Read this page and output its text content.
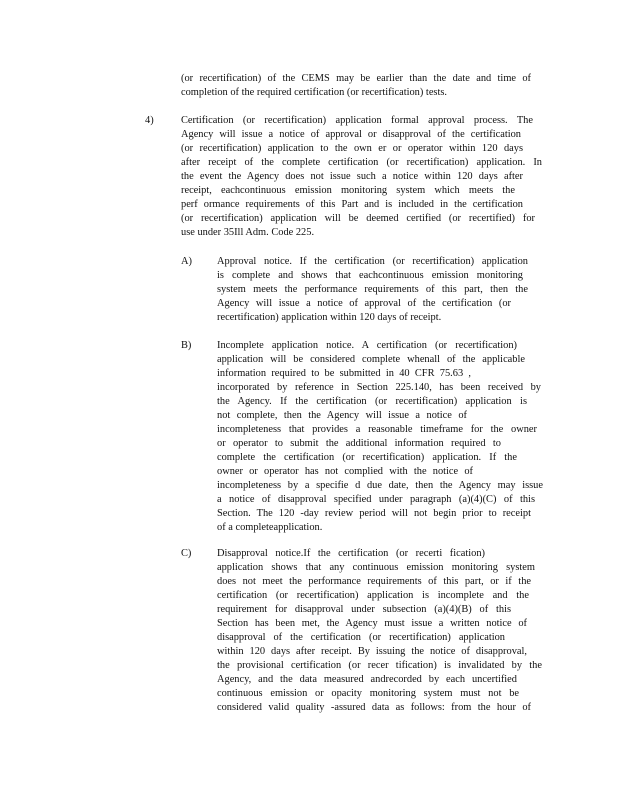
(or recertification) of the CEMS may be earlier than the date and time of
completion of the required certification (or recertification) tests.
4)	Certification (or recertification) application formal approval process. The
Agency will issue a notice of approval or disapproval of the certification
(or recertification) application to the own er or operator within 120 days
after receipt of the complete certification (or recertification) application. In
the event the Agency does not issue such a notice within 120 days after
receipt, eachcontinuous emission monitoring system which meets the
perf ormance requirements of this Part and is included in the certification
(or recertification) application will be deemed certified (or recertified) for
use under 35Ill Adm. Code 225.
A) Approval notice. If the certification (or recertification) application
is complete and shows that eachcontinuous emission monitoring
system meets the performance requirements of this part, then the
Agency will issue a notice of approval of the certification (or
recertification) application within 120 days of receipt.
B) Incomplete application notice. A certification (or recertification)
application will be considered complete whenall of the applicable
information required to be submitted in 40 CFR 75.63 ,
incorporated by reference in Section 225.140, has been received by
the Agency. If the certification (or recertification) application is
not complete, then the Agency will issue a notice of
incompleteness that provides a reasonable timeframe for the owner
or operator to submit the additional information required to
complete the certification (or recertification) application. If the
owner or operator has not complied with the notice of
incompleteness by a specifie d due date, then the Agency may issue
a notice of disapproval specified under paragraph (a)(4)(C) of this
Section. The 120 -day review period will not begin prior to receipt
of a completeapplication.
C) Disapproval notice.If the certification (or recerti fication)
application shows that any continuous emission monitoring system
does not meet the performance requirements of this part, or if the
certification (or recertification) application is incomplete and the
requirement for disapproval under subsection (a)(4)(B) of this
Section has been met, the Agency must issue a written notice of
disapproval of the certification (or recertification) application
within 120 days after receipt. By issuing the notice of disapproval,
the provisional certification (or recer tification) is invalidated by the
Agency, and the data measured andrecorded by each uncertified
continuous emission or opacity monitoring system must not be
considered valid quality -assured data as follows: from the hour of
